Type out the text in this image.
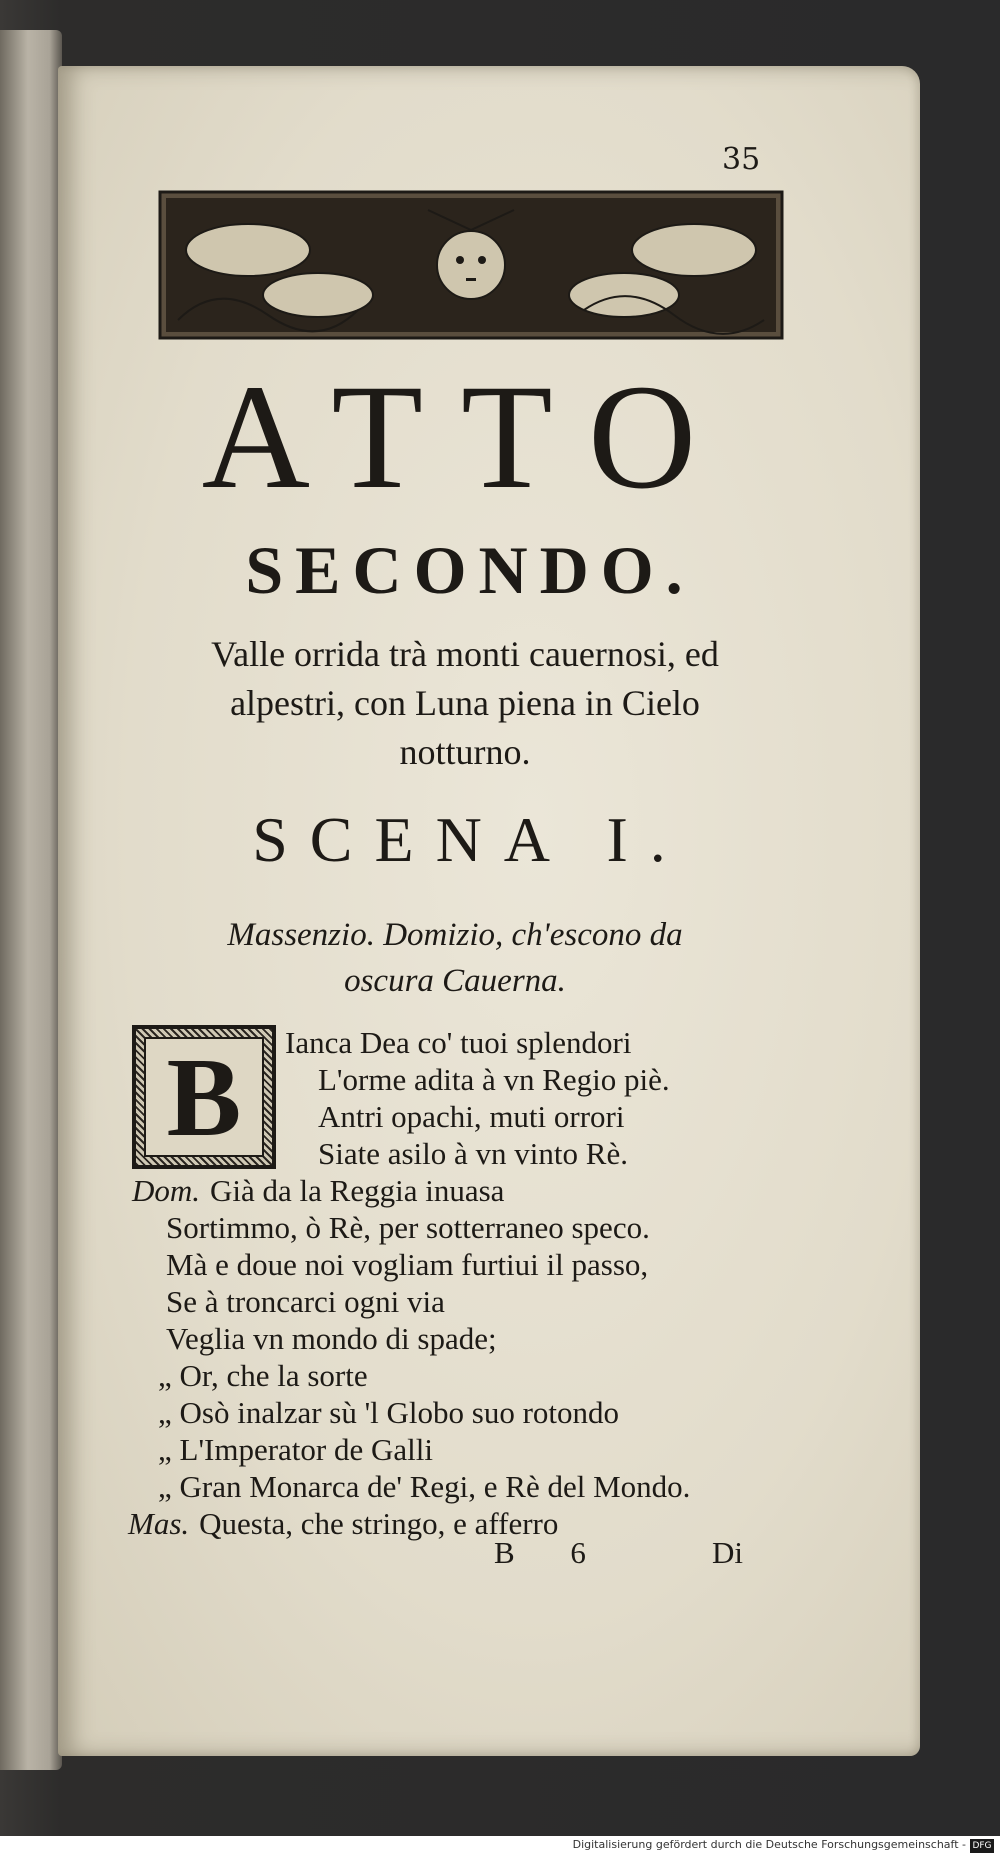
35
ATTO
SECONDO.
Valle orrida trà monti cauernosi, ed
alpestri, con Luna piena in Cielo
notturno.
SCENA I.
Massenzio. Domizio, ch'escono da
oscura Cauerna.
B	Ianca Dea co' tuoi splendori
L'orme adita à vn Regio piè.
Antri opachi, muti orrori
Siate asilo à vn vinto Rè.
Dom. Già da la Reggia inuasa
Sortimmo, ò Rè, per sotterraneo speco.
Mà e doue noi vogliam furtiui il passo,
Se à troncarci ogni via
Veglia vn mondo di spade;
„ Or, che la sorte
„ Osò inalzar sù 'l Globo suo rotondo
„ L'Imperator de Galli
„ Gran Monarca de' Regi, e Rè del Mondo.
Mas. Questa, che stringo, e afferro
B 6	Di
Digitalisierung gefördert durch die Deutsche Forschungsgemeinschaft - DFG
